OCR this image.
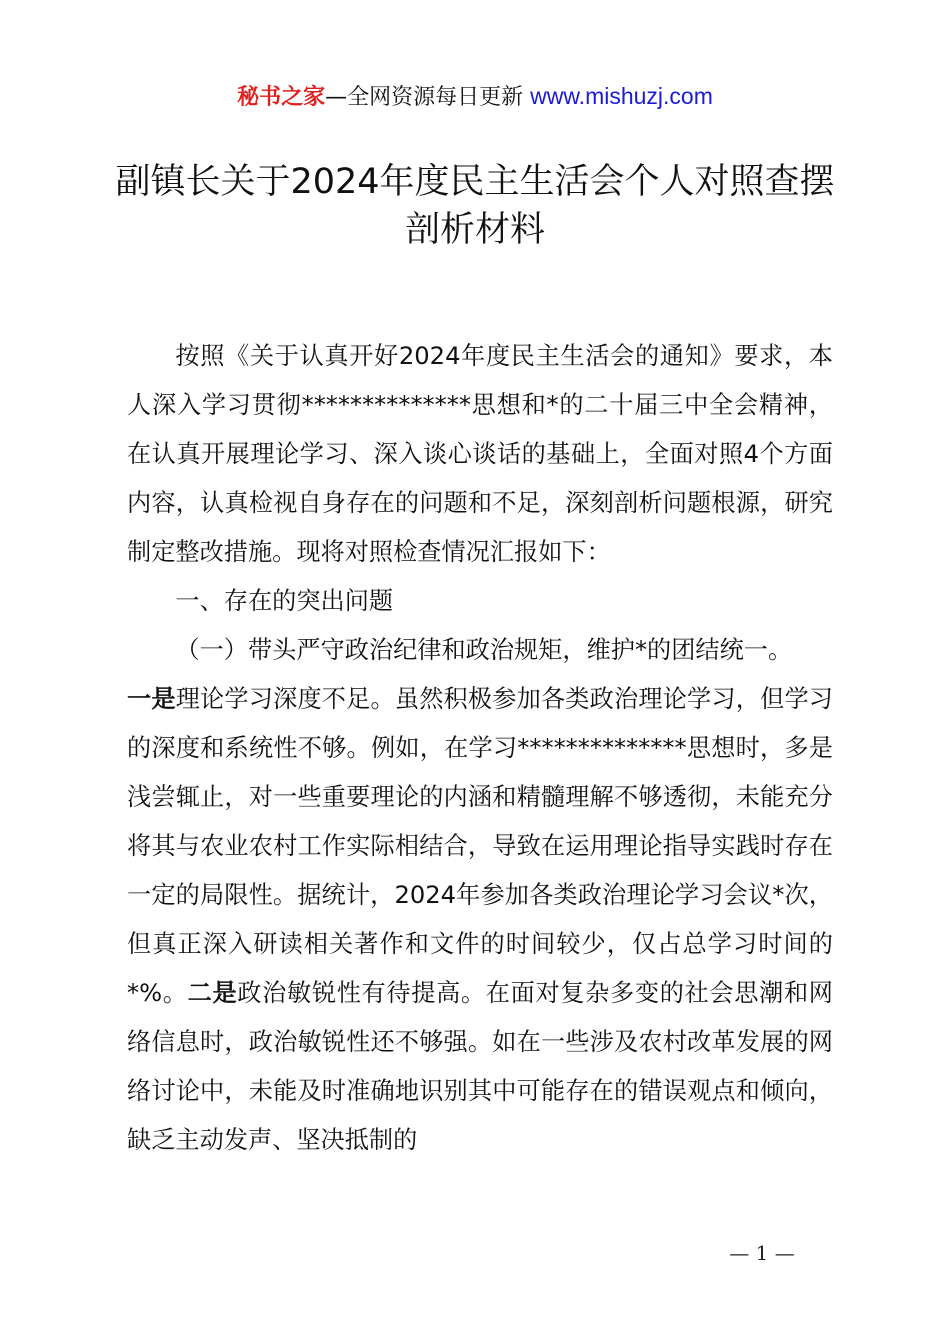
秘书之家—全网资源每日更新 www.mishuzj.com
副镇长关于2024年度民主生活会个人对照查摆剖析材料

按照《关于认真开好2024年度民主生活会的通知》要求，本人深入学习贯彻**************思想和*的二十届三中全会精神，在认真开展理论学习、深入谈心谈话的基础上，全面对照4个方面内容，认真检视自身存在的问题和不足，深刻剖析问题根源，研究制定整改措施。现将对照检查情况汇报如下：

一、存在的突出问题

（一）带头严守政治纪律和政治规矩，维护*的团结统一。

一是理论学习深度不足。虽然积极参加各类政治理论学习，但学习的深度和系统性不够。例如，在学习**************思想时，多是浅尝辄止，对一些重要理论的内涵和精髓理解不够透彻，未能充分将其与农业农村工作实际相结合，导致在运用理论指导实践时存在一定的局限性。据统计，2024年参加各类政治理论学习会议*次，但真正深入研读相关著作和文件的时间较少，仅占总学习时间的*%。二是政治敏锐性有待提高。在面对复杂多变的社会思潮和网络信息时，政治敏锐性还不够强。如在一些涉及农村改革发展的网络讨论中，未能及时准确地识别其中可能存在的错误观点和倾向，缺乏主动发声、坚决抵制的

— 1 —
